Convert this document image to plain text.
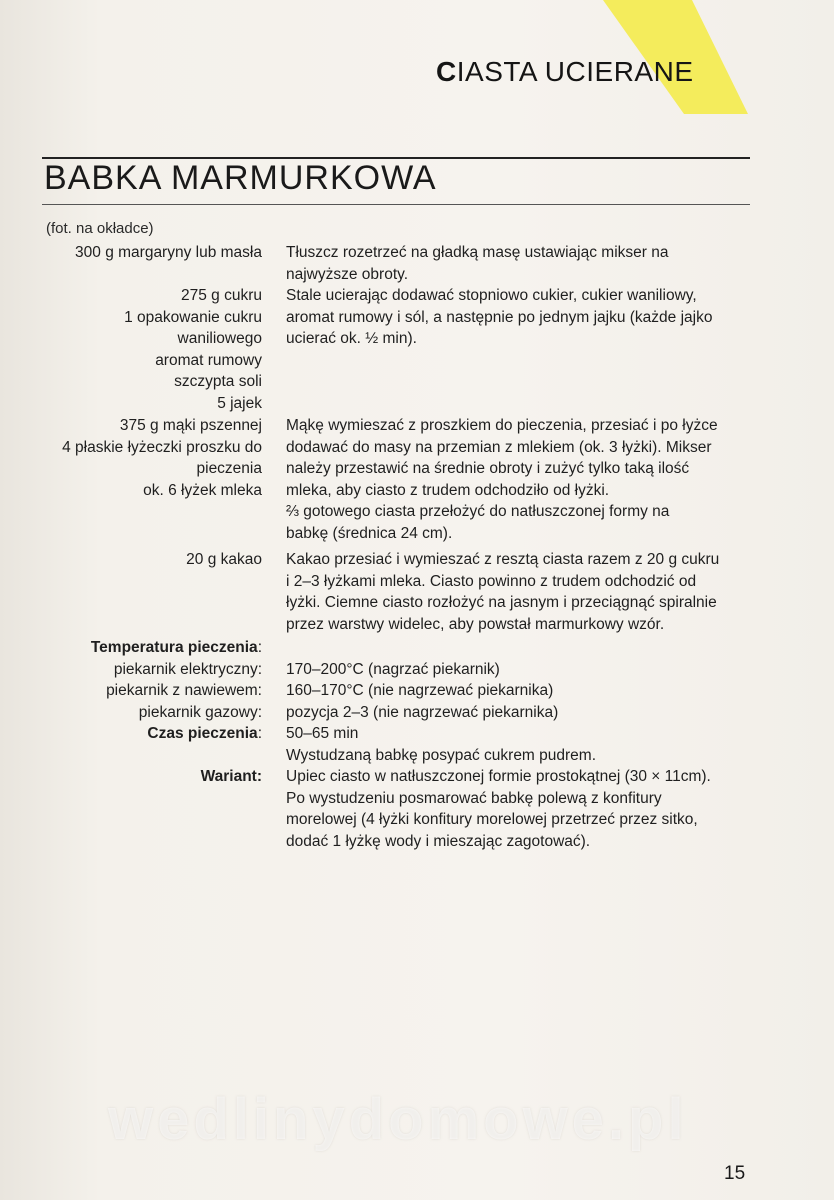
CIASTA UCIERANE
BABKA MARMURKOWA
(fot. na okładce)
300 g margaryny lub masła Tłuszcz rozetrzeć na gładką masę ustawiając mikser na

najwyższe obroty.

275 g cukru
1 opakowanie cukru
waniliowego
aromat rumowy
szczypta soli
5 jajek

Stale ucierając dodawać stopniowo cukier, cukier waniliowy,

aromat rumowy i sól, a następnie po jednym jajku (każde jajko

ucierać ok. ½ min).

375 g mąki pszennej
4 płaskie łyżeczki proszku do
pieczenia
ok. 6 łyżek mleka

Mąkę wymieszać z proszkiem do pieczenia, przesiać i po łyżce

dodawać do masy na przemian z mlekiem (ok. 3 łyżki). Mikser

należy przestawić na średnie obroty i zużyć tylko taką ilość

mleka, aby ciasto z trudem odchodziło od łyżki.

⅔ gotowego ciasta przełożyć do natłuszczonej formy na

babkę (średnica 24 cm).

20 g kakao Kakao przesiać i wymieszać z resztą ciasta razem z 20 g cukru

i 2–3 łyżkami mleka. Ciasto powinno z trudem odchodzić od

łyżki. Ciemne ciasto rozłożyć na jasnym i przeciągnąć spiralnie

przez warstwy widelec, aby powstał marmurkowy wzór.

Temperatura pieczenia:
piekarnik elektryczny:
piekarnik z nawiewem:
piekarnik gazowy:
Czas pieczenia:

170–200°C (nagrzać piekarnik)

160–170°C (nie nagrzewać piekarnika)

pozycja 2–3 (nie nagrzewać piekarnika)

50–65 min

Wystudzaną babkę posypać cukrem pudrem.

Wariant: Upiec ciasto w natłuszczonej formie prostokątnej (30 × 11cm).

Po wystudzeniu posmarować babkę polewą z konfitury

morelowej (4 łyżki konfitury morelowej przetrzeć przez sitko,

dodać 1 łyżkę wody i mieszając zagotować).

wedlinydomowe.pl
15
